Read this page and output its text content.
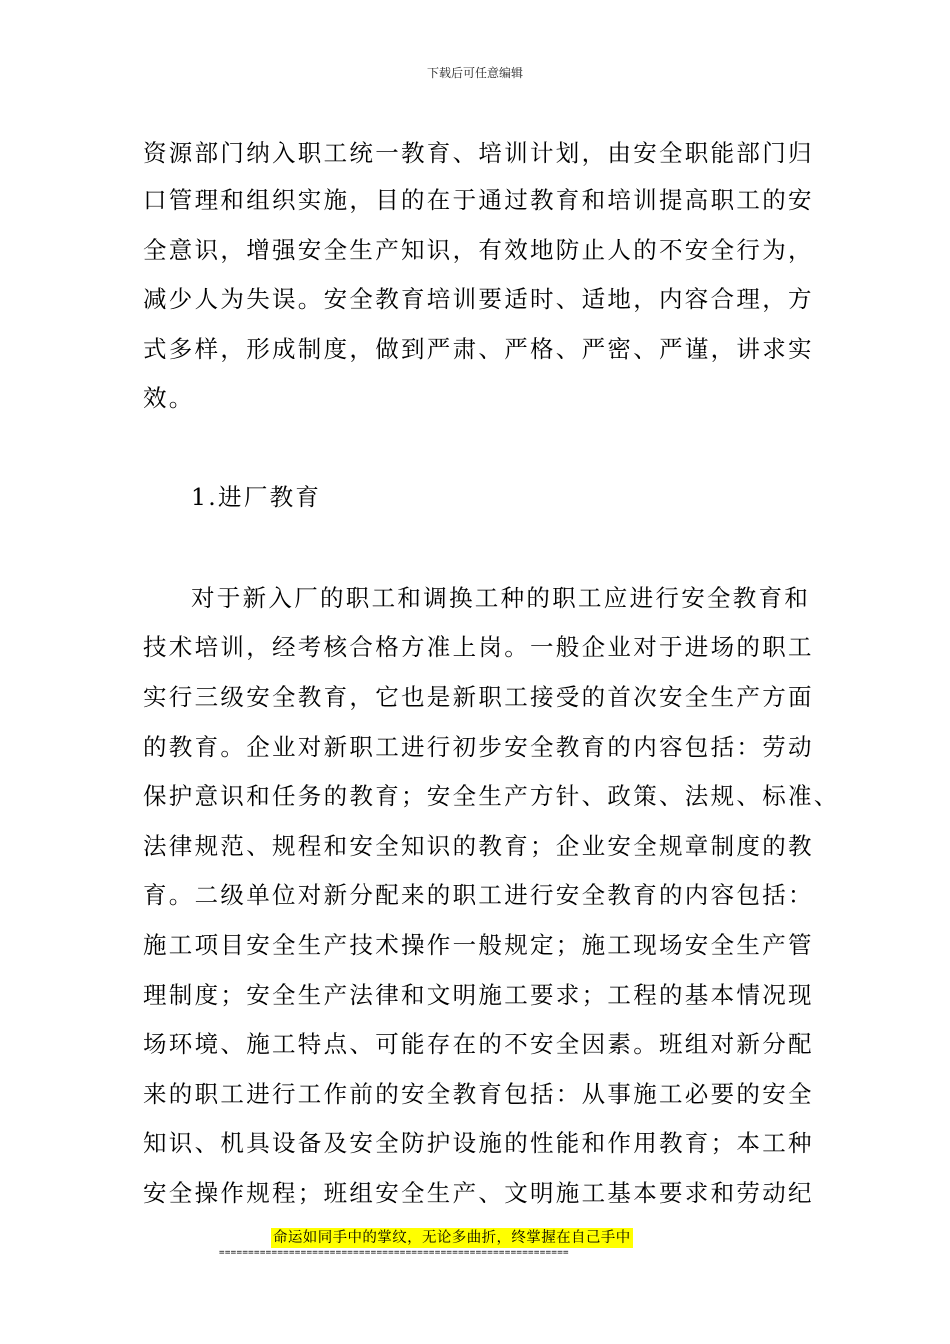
下载后可任意编辑
资源部门纳入职工统一教育、培训计划，由安全职能部门归
口管理和组织实施，目的在于通过教育和培训提高职工的安
全意识，增强安全生产知识，有效地防止人的不安全行为，
减少人为失误。安全教育培训要适时、适地，内容合理，方
式多样，形成制度，做到严肃、严格、严密、严谨，讲求实
效。
1.进厂教育
对于新入厂的职工和调换工种的职工应进行安全教育和
技术培训，经考核合格方准上岗。一般企业对于进场的职工
实行三级安全教育，它也是新职工接受的首次安全生产方面
的教育。企业对新职工进行初步安全教育的内容包括：劳动
保护意识和任务的教育；安全生产方针、政策、法规、标准、
法律规范、规程和安全知识的教育；企业安全规章制度的教
育。二级单位对新分配来的职工进行安全教育的内容包括：
施工项目安全生产技术操作一般规定；施工现场安全生产管
理制度；安全生产法律和文明施工要求；工程的基本情况现
场环境、施工特点、可能存在的不安全因素。班组对新分配
来的职工进行工作前的安全教育包括：从事施工必要的安全
知识、机具设备及安全防护设施的性能和作用教育；本工种
安全操作规程；班组安全生产、文明施工基本要求和劳动纪
命运如同手中的掌纹，无论多曲折，终掌握在自己手中
============================================================
